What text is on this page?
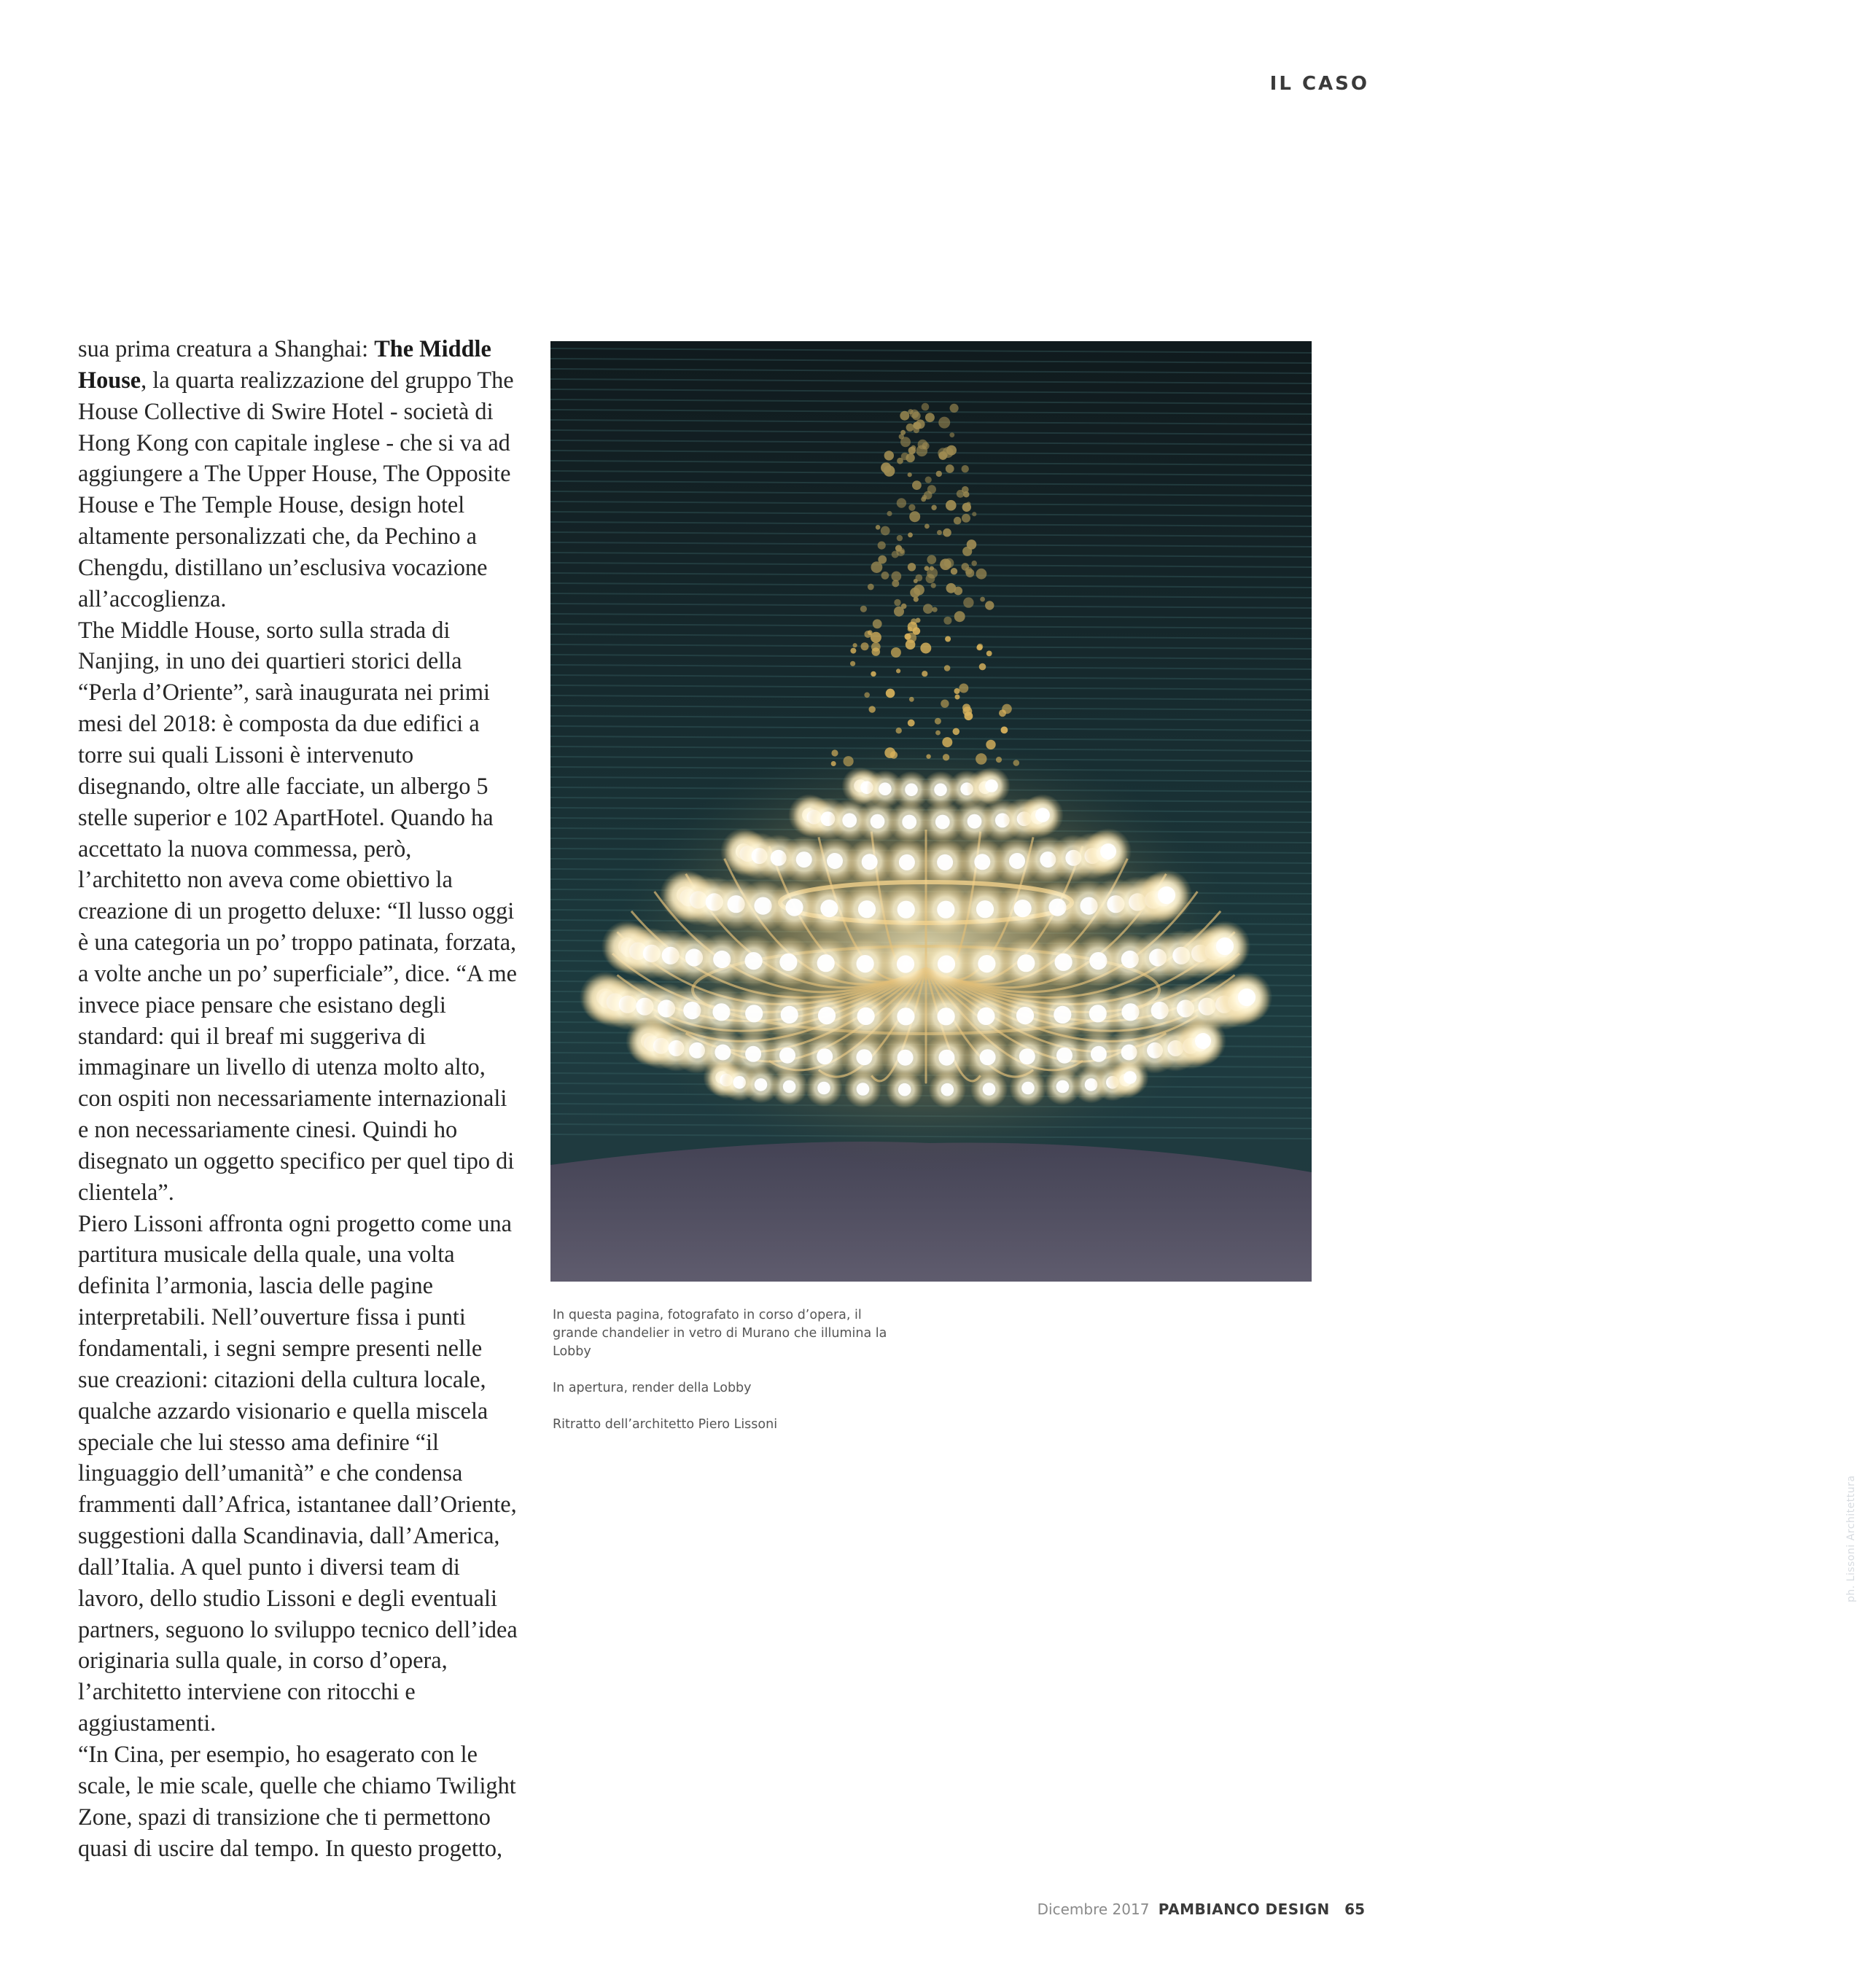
IL CASO

sua prima creatura a Shanghai: The Middle House, la quarta realizzazione del gruppo The House Collective di Swire Hotel - società di Hong Kong con capitale inglese - che si va ad aggiungere a The Upper House, The Opposite House e The Temple House, design hotel altamente personalizzati che, da Pechino a Chengdu, distillano un’esclusiva vocazione all’accoglienza.

The Middle House, sorto sulla strada di Nanjing, in uno dei quartieri storici della “Perla d’Oriente”, sarà inaugurata nei primi mesi del 2018: è composta da due edifici a torre sui quali Lissoni è intervenuto disegnando, oltre alle facciate, un albergo 5 stelle superior e 102 ApartHotel. Quando ha accettato la nuova commessa, però, l’architetto non aveva come obiettivo la creazione di un progetto deluxe: “Il lusso oggi è una categoria un po’ troppo patinata, forzata, a volte anche un po’ superficiale”, dice. “A me invece piace pensare che esistano degli standard: qui il breaf mi suggeriva di immaginare un livello di utenza molto alto, con ospiti non necessariamente internazionali e non necessariamente cinesi. Quindi ho disegnato un oggetto specifico per quel tipo di clientela”.

Piero Lissoni affronta ogni progetto come una partitura musicale della quale, una volta definita l’armonia, lascia delle pagine interpretabili. Nell’ouverture fissa i punti fondamentali, i segni sempre presenti nelle sue creazioni: citazioni della cultura locale, qualche azzardo visionario e quella miscela speciale che lui stesso ama definire “il linguaggio dell’umanità” e che condensa frammenti dall’Africa, istantanee dall’Oriente, suggestioni dalla Scandinavia, dall’America, dall’Italia. A quel punto i diversi team di lavoro, dello studio Lissoni e degli eventuali partners, seguono lo sviluppo tecnico dell’idea originaria sulla quale, in corso d’opera, l’architetto interviene con ritocchi e aggiustamenti.

“In Cina, per esempio, ho esagerato con le scale, le mie scale, quelle che chiamo Twilight Zone, spazi di transizione che ti permettono quasi di uscire dal tempo. In questo progetto,

ph. Lissoni Architettura

In questa pagina, fotografato in corso d’opera, il grande chandelier in vetro di Murano che illumina la Lobby

In apertura, render della Lobby

Ritratto dell’architetto Piero Lissoni

Dicembre 2017 PAMBIANCO DESIGN 65
